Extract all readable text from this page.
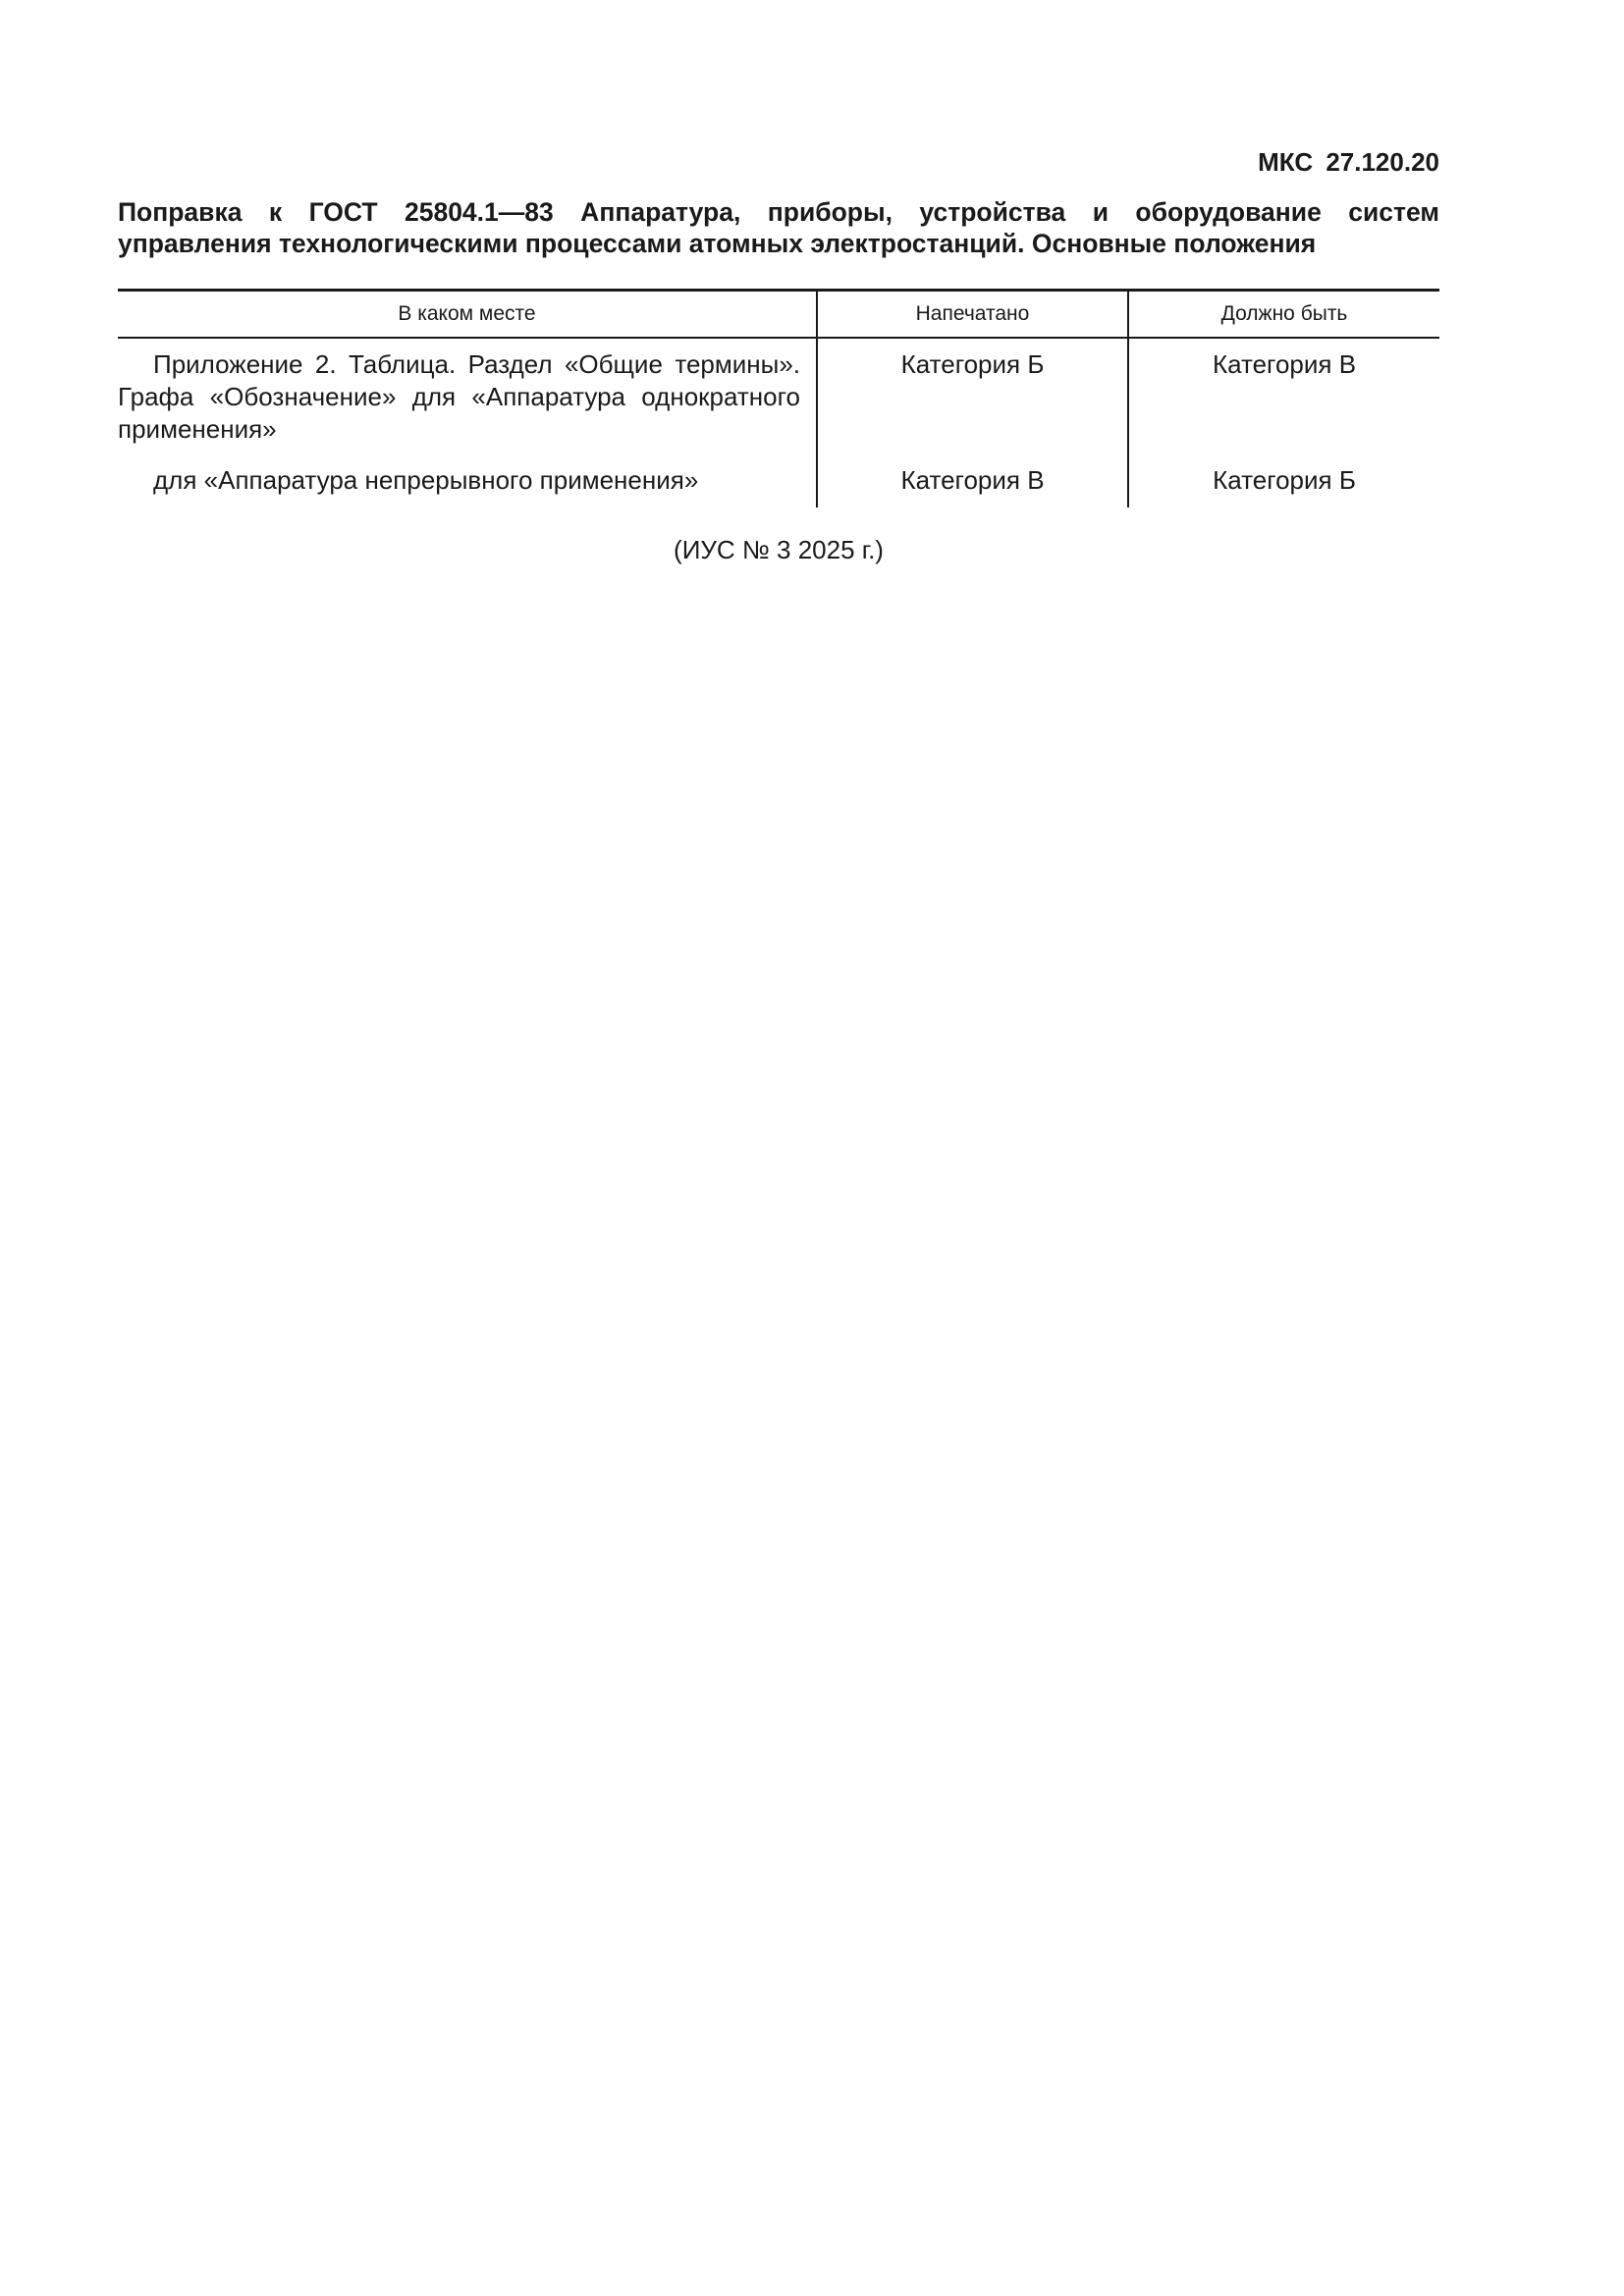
МКС 27.120.20
Поправка к ГОСТ 25804.1—83 Аппаратура, приборы, устройства и оборудование систем
управления технологическими процессами атомных электростанций. Основные положения
В каком месте	Напечатано	Должно быть

Приложение 2. Таблица. Раздел «Общие термины». Графа «Обозначение» для «Аппаратура однократного применения»	Категория Б	Категория В

для «Аппаратура непрерывного применения»	Категория В	Категория Б

(ИУС № 3 2025 г.)
